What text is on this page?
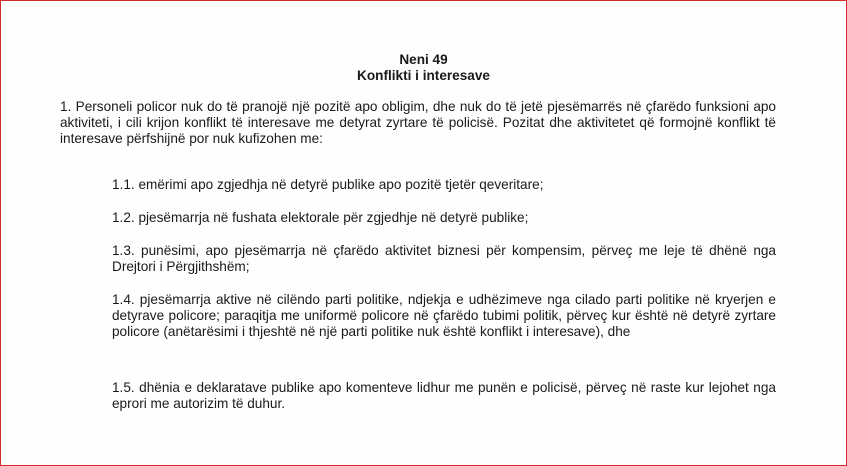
Neni 49
Konflikti i interesave
1. Personeli policor nuk do të pranojë një pozitë apo obligim, dhe nuk do të jetë pjesëmarrës në çfarëdo funksioni apo aktiviteti, i cili krijon konflikt të interesave me detyrat zyrtare të policisë. Pozitat dhe aktivitetet që formojnë konflikt të interesave përfshijnë por nuk kufizohen me:
1.1. emërimi apo zgjedhja në detyrë publike apo pozitë tjetër qeveritare;
1.2. pjesëmarrja në fushata elektorale për zgjedhje në detyrë publike;
1.3. punësimi, apo pjesëmarrja në çfarëdo aktivitet biznesi për kompensim, përveç me leje të dhënë nga Drejtori i Përgjithshëm;
1.4. pjesëmarrja aktive në cilëndo parti politike, ndjekja e udhëzimeve nga cilado parti politike në kryerjen e detyrave policore; paraqitja me uniformë policore në çfarëdo tubimi politik, përveç kur është në detyrë zyrtare policore (anëtarësimi i thjeshtë në një parti politike nuk është konflikt i interesave), dhe
1.5. dhënia e deklaratave publike apo komenteve lidhur me punën e policisë, përveç në raste kur lejohet nga eprori me autorizim të duhur.
